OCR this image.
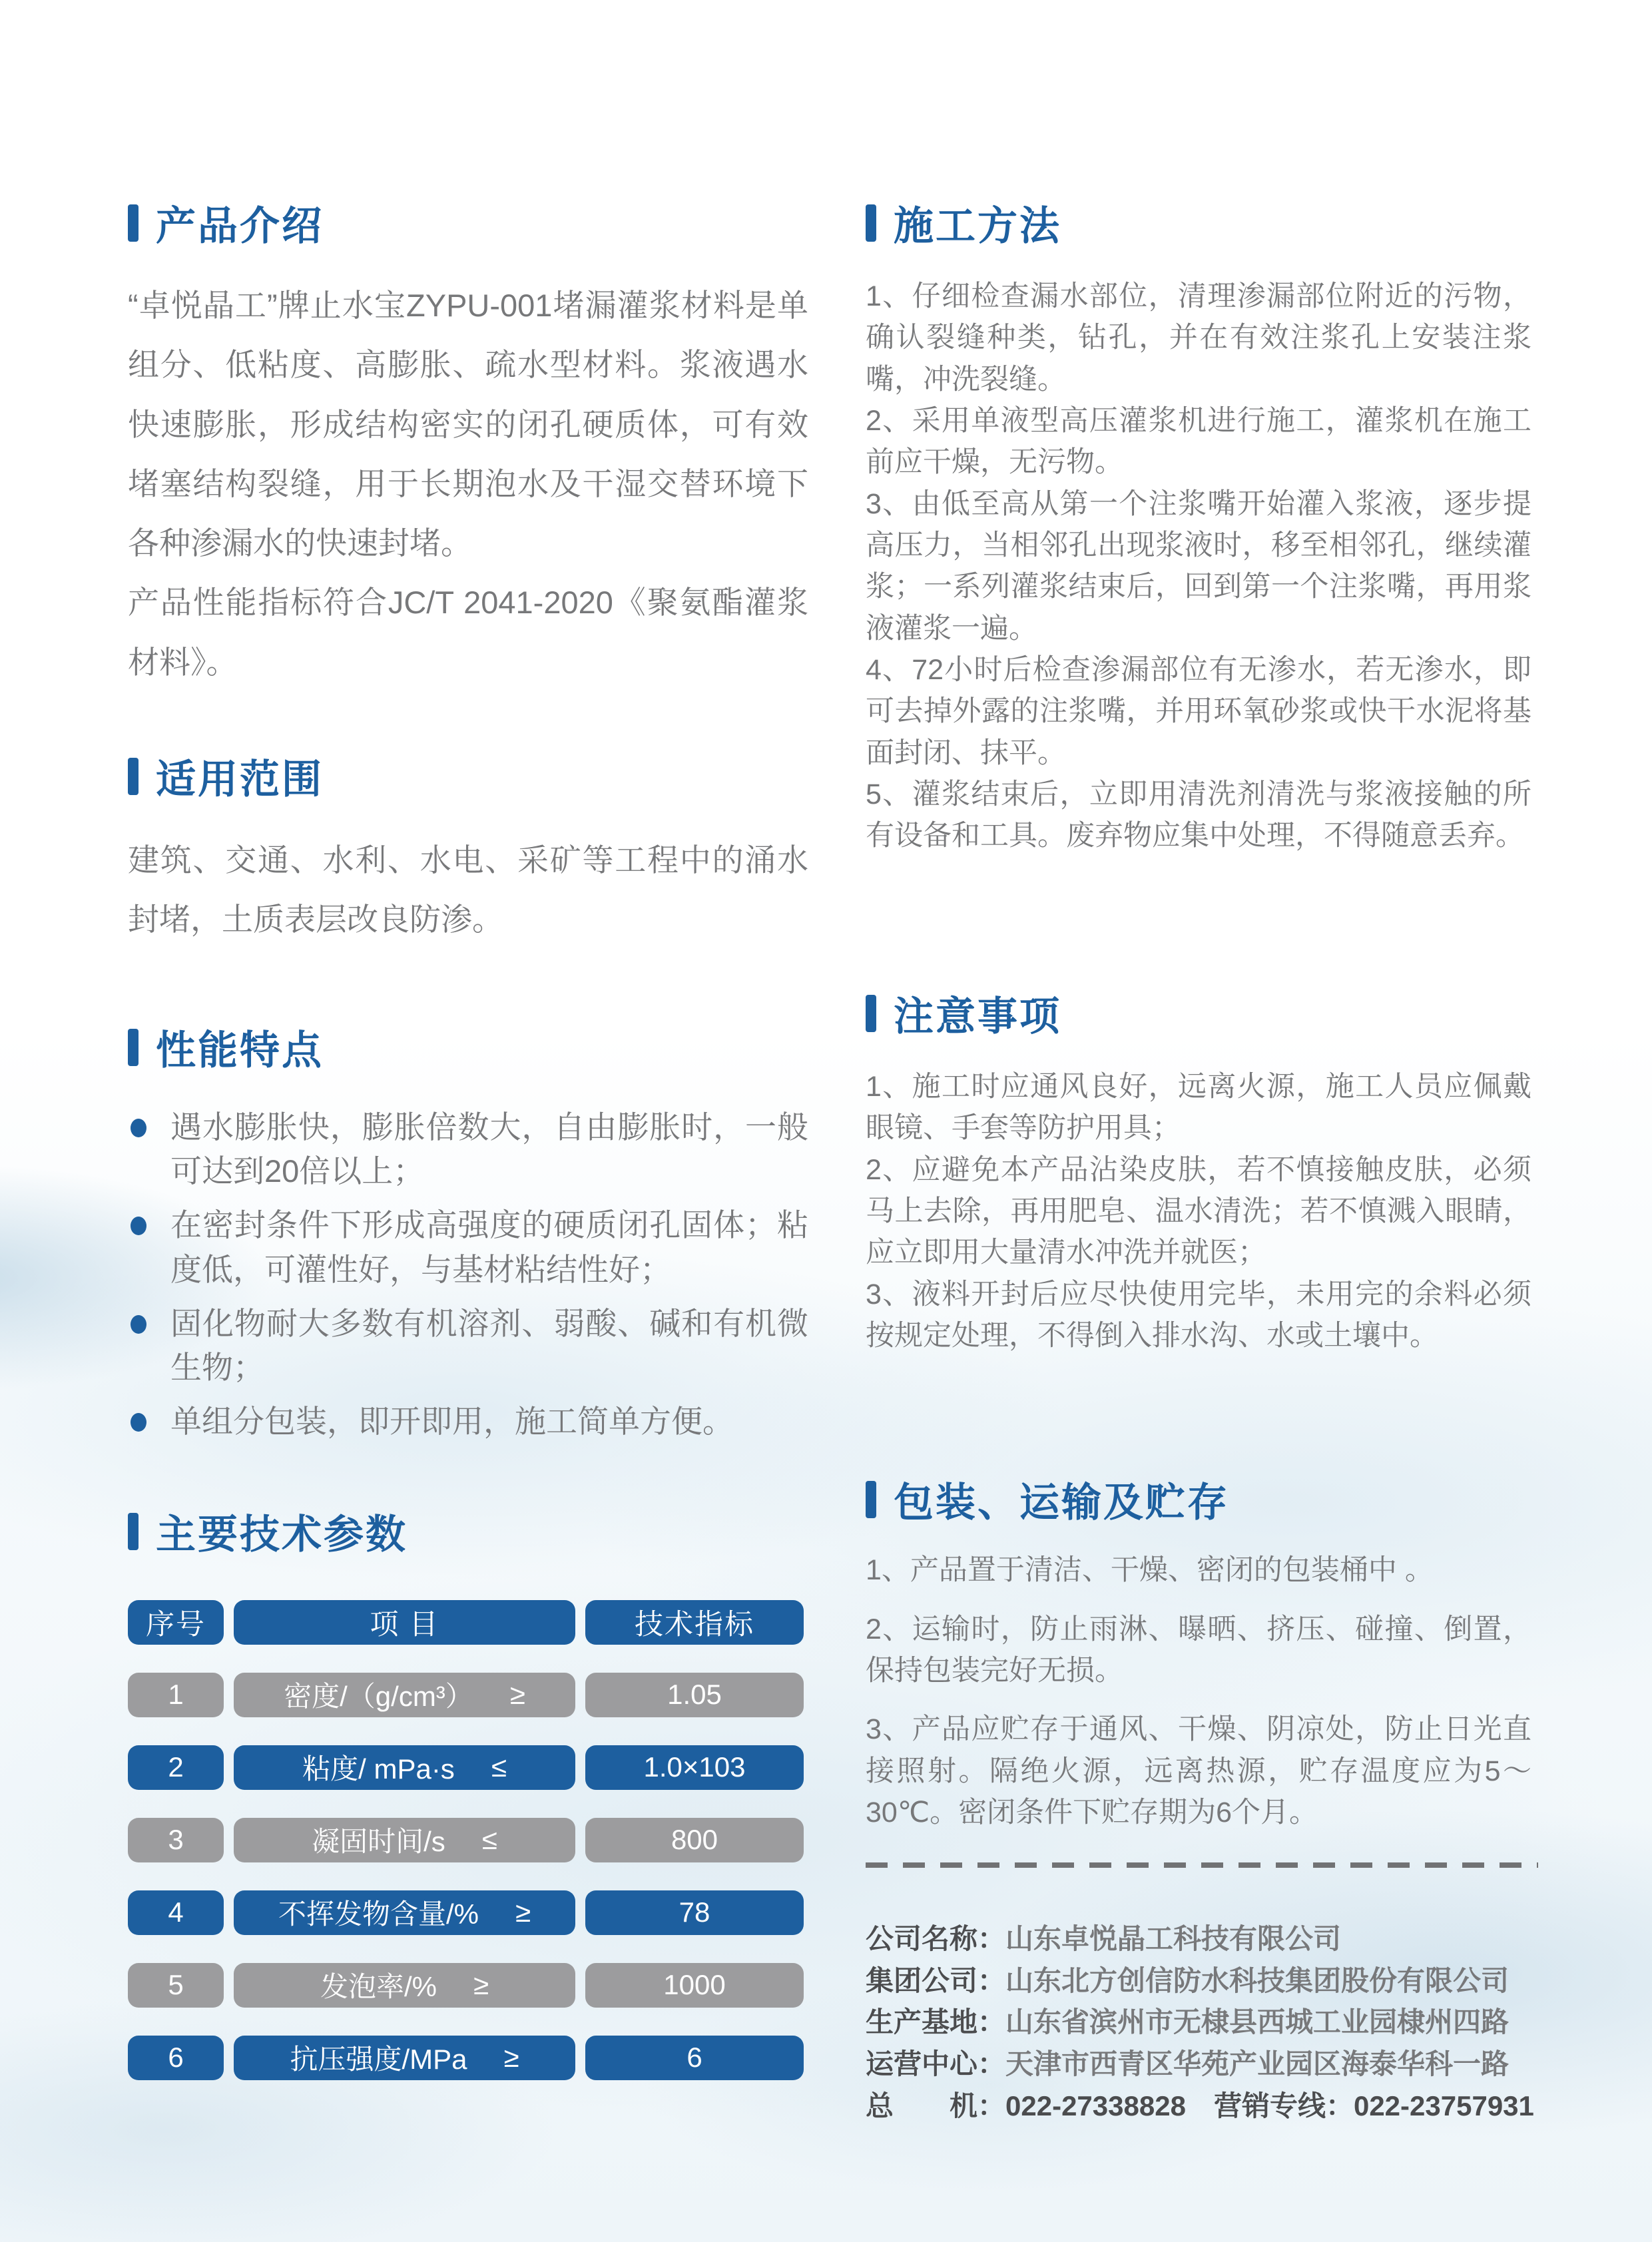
产品介绍

“卓悦晶工”牌止水宝ZYPU-001堵漏灌浆材料是单组分、低粘度、高膨胀、疏水型材料。浆液遇水快速膨胀，形成结构密实的闭孔硬质体，可有效堵塞结构裂缝，用于长期泡水及干湿交替环境下各种渗漏水的快速封堵。

产品性能指标符合JC/T 2041-2020《聚氨酯灌浆材料》。

适用范围

建筑、交通、水利、水电、采矿等工程中的涌水封堵，土质表层改良防渗。

性能特点
遇水膨胀快，膨胀倍数大，自由膨胀时，一般可达到20倍以上；
在密封条件下形成高强度的硬质闭孔固体；粘度低，可灌性好，与基材粘结性好；
固化物耐大多数有机溶剂、弱酸、碱和有机微生物；
单组分包装，即开即用，施工简单方便。
主要技术参数
序号	项 目	技术指标
1	密度/（g/cm³） ≥	1.05
2	粘度/ mPa·s ≤	1.0×103
3	凝固时间/s ≤	800
4	不挥发物含量/% ≥	78
5	发泡率/% ≥	1000
6	抗压强度/MPa ≥	6
施工方法

1、仔细检查漏水部位，清理渗漏部位附近的污物，确认裂缝种类，钻孔，并在有效注浆孔上安装注浆嘴，冲洗裂缝。

2、采用单液型高压灌浆机进行施工，灌浆机在施工前应干燥，无污物。

3、由低至高从第一个注浆嘴开始灌入浆液，逐步提高压力，当相邻孔出现浆液时，移至相邻孔，继续灌浆；一系列灌浆结束后，回到第一个注浆嘴，再用浆液灌浆一遍。

4、72小时后检查渗漏部位有无渗水，若无渗水，即可去掉外露的注浆嘴，并用环氧砂浆或快干水泥将基面封闭、抹平。

5、灌浆结束后，立即用清洗剂清洗与浆液接触的所有设备和工具。废弃物应集中处理，不得随意丢弃。

注意事项

1、施工时应通风良好，远离火源，施工人员应佩戴眼镜、手套等防护用具；

2、应避免本产品沾染皮肤，若不慎接触皮肤，必须马上去除，再用肥皂、温水清洗；若不慎溅入眼睛，应立即用大量清水冲洗并就医；

3、液料开封后应尽快使用完毕，未用完的余料必须按规定处理，不得倒入排水沟、水或土壤中。

包装、运输及贮存

1、产品置于清洁、干燥、密闭的包装桶中 。

2、运输时，防止雨淋、曝晒、挤压、碰撞、倒置，保持包装完好无损。

3、产品应贮存于通风、干燥、阴凉处，防止日光直接照射。隔绝火源，远离热源，贮存温度应为5～30℃。密闭条件下贮存期为6个月。

公司名称： 山东卓悦晶工科技有限公司
集团公司： 山东北方创信防水科技集团股份有限公司
生产基地： 山东省滨州市无棣县西城工业园棣州四路
运营中心： 天津市西青区华苑产业园区海泰华科一路
总　　机： 022-27338828 营销专线： 022-23757931
